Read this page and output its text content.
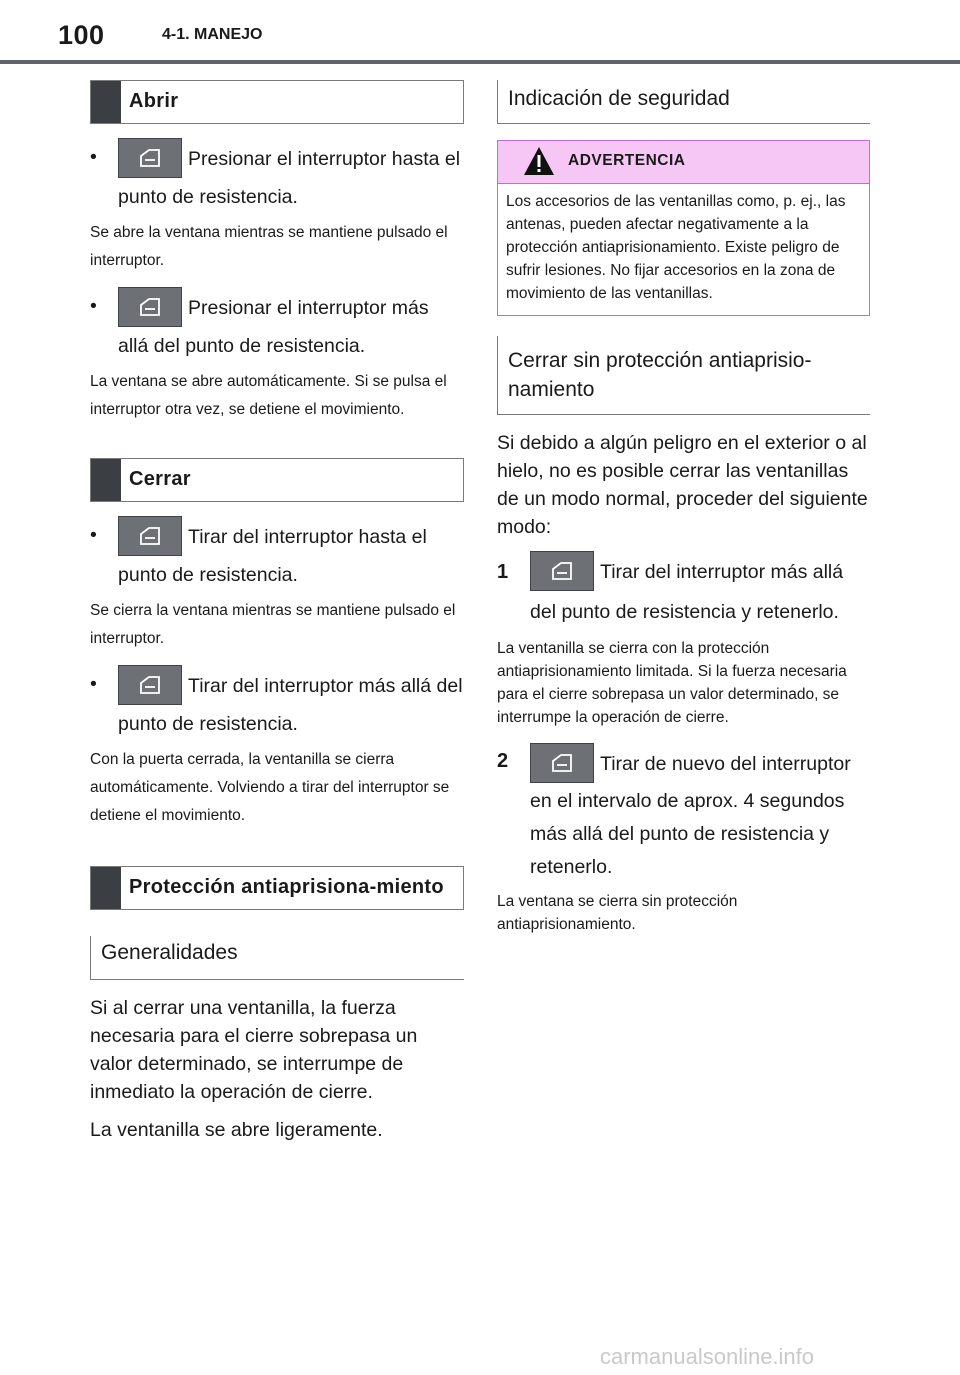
100	4-1. MANEJO
Abrir
•	Presionar el interruptor hasta el punto de resistencia.
Se abre la ventana mientras se mantiene pulsado el interruptor.
•	Presionar el interruptor más allá del punto de resistencia.
La ventana se abre automáticamente. Si se pulsa el interruptor otra vez, se detiene el movimiento.
Cerrar
•	Tirar del interruptor hasta el punto de resistencia.
Se cierra la ventana mientras se mantiene pulsado el interruptor.
•	Tirar del interruptor más allá del punto de resistencia.
Con la puerta cerrada, la ventanilla se cierra automáticamente. Volviendo a tirar del interruptor se detiene el movimiento.
Protección antiaprisiona-miento
Generalidades
Si al cerrar una ventanilla, la fuerza necesaria para el cierre sobrepasa un valor determinado, se interrumpe de inmediato la operación de cierre.
La ventanilla se abre ligeramente.
Indicación de seguridad
ADVERTENCIA
Los accesorios de las ventanillas como, p. ej., las antenas, pueden afectar negativamente a la protección antiaprisionamiento. Existe peligro de sufrir lesiones. No fijar accesorios en la zona de movimiento de las ventanillas.
Cerrar sin protección antiaprisio-namiento
Si debido a algún peligro en el exterior o al hielo, no es posible cerrar las ventanillas de un modo normal, proceder del siguiente modo:
1	Tirar del interruptor más allá del punto de resistencia y retenerlo.
La ventanilla se cierra con la protección antiaprisionamiento limitada. Si la fuerza necesaria para el cierre sobrepasa un valor determinado, se interrumpe la operación de cierre.
2	Tirar de nuevo del interruptor en el intervalo de aprox. 4 segundos más allá del punto de resistencia y retenerlo.
La ventana se cierra sin protección antiaprisionamiento.
carmanualsonline.info
